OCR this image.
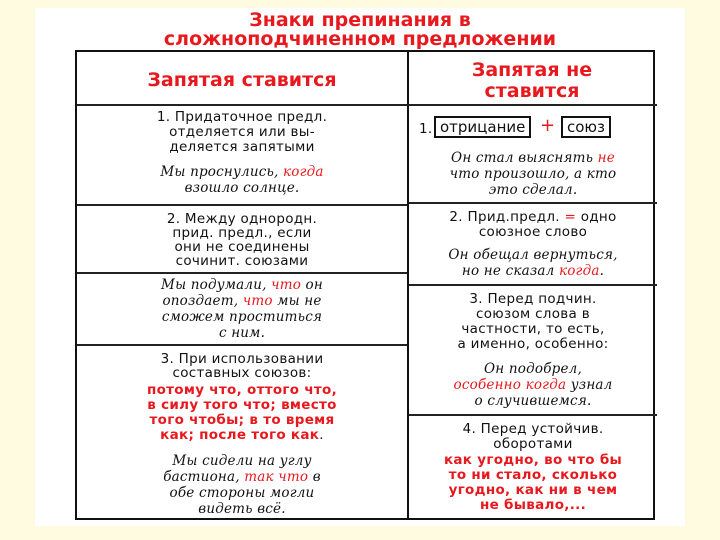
Знаки препинания в
сложноподчиненном предложении
Запятая ставится	Запятая не
ставится
1. Придаточное предл.
отделяется или вы-
деляется запятыми
Мы проснулись, когда
взошло солнце.
2. Между однородн.
прид. предл., если
они не соединены
сочинит. союзами
Мы подумали, что он
опоздает, что мы не
сможем проститься
с ним.
3. При использовании
составных союзов:
потому что, оттого что,
в силу того что; вместо
того чтобы; в то время
как; после того как.
Мы сидели на углу
бастиона, так что в
обе стороны могли
видеть всё.
1. отрицание + союз
Он стал выяснять не
что произошло, а кто
это сделал.
2. Прид.предл. = одно
союзное слово
Он обещал вернуться,
но не сказал когда.
3. Перед подчин.
союзом слова в
частности, то есть,
а именно, особенно:
Он подобрел,
особенно когда узнал
о случившемся.
4. Перед устойчив.
оборотами
как угодно, во что бы
то ни стало, сколько
угодно, как ни в чем
не бывало,...
